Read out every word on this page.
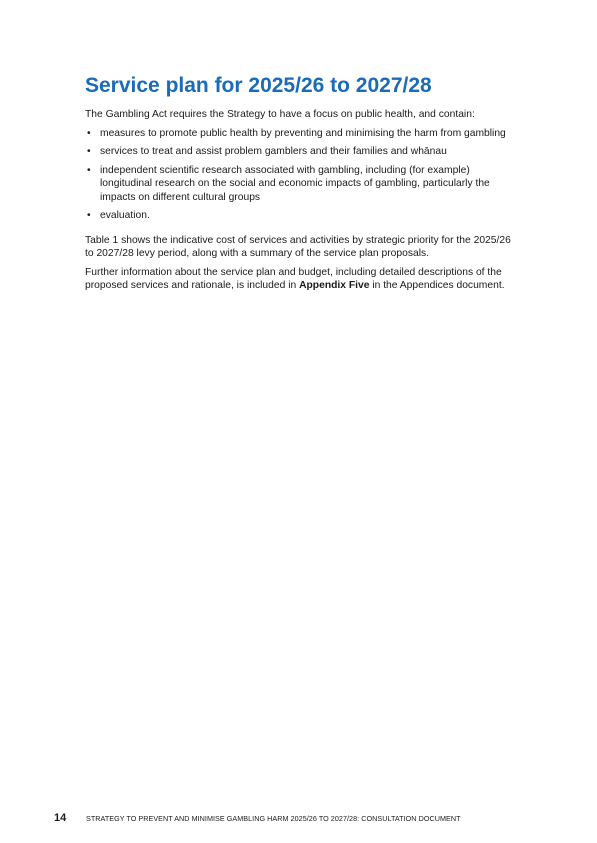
Service plan for 2025/26 to 2027/28

The Gambling Act requires the Strategy to have a focus on public health, and contain:

• measures to promote public health by preventing and minimising the harm from gambling
• services to treat and assist problem gamblers and their families and whānau
• independent scientific research associated with gambling, including (for example) longitudinal research on the social and economic impacts of gambling, particularly the impacts on different cultural groups
• evaluation.

Table 1 shows the indicative cost of services and activities by strategic priority for the 2025/26 to 2027/28 levy period, along with a summary of the service plan proposals.

Further information about the service plan and budget, including detailed descriptions of the proposed services and rationale, is included in Appendix Five in the Appendices document.

14	STRATEGY TO PREVENT AND MINIMISE GAMBLING HARM 2025/26 TO 2027/28: CONSULTATION DOCUMENT
